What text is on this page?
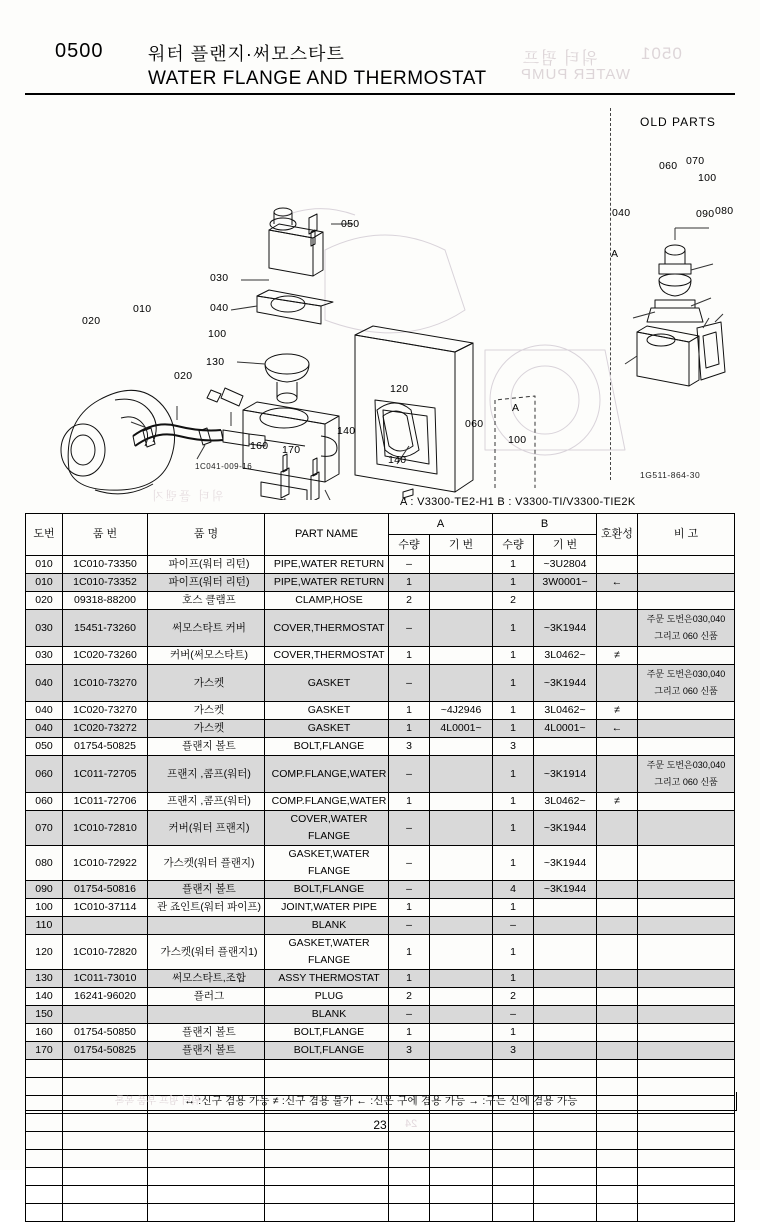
0501
워터 펌프
WATER PUMP
0500 워터 플랜지·써모스타트
WATER FLANGE AND THERMOSTAT
OLD PARTS
1C041-009-16
1G511-864-30
050
030
040
130
010
020
100
020
120
160 170
140
140
060
A
100
060 070
100
040	090
A
080
워터 플랜지	A : V3300-TE2-H1 B : V3300-TI/V3300-TIE2K
도번	품 번	품 명	PART NAME	A		B		호환성	비 고
				수량	기 번	수량	기 번		
010	1C010-73350	파이프(워터 리턴)	PIPE,WATER RETURN	–		1	~3U2804		
010	1C010-73352	파이프(워터 리턴)	PIPE,WATER RETURN	1		1	3W0001~	←	
020	09318-88200	호스 클램프	CLAMP,HOSE	2		2			
030	15451-73260	써모스타트 커버	COVER,THERMOSTAT	–		1	~3K1944		주문 도번은030,040
그리고 060 신품
030	1C020-73260	커버(써모스타트)	COVER,THERMOSTAT	1		1	3L0462~	≠	
040	1C010-73270	가스켓	GASKET	–		1	~3K1944		주문 도번은030,040
그리고 060 신품
040	1C020-73270	가스켓	GASKET	1	~4J2946	1	3L0462~	≠	
040	1C020-73272	가스켓	GASKET	1	4L0001~	1	4L0001~	←	
050	01754-50825	플랜지 볼트	BOLT,FLANGE	3		3			
060	1C011-72705	프랜지 ,콤프(워터)	COMP.FLANGE,WATER	–		1	~3K1914		주문 도번은030,040
그리고 060 신품
060	1C011-72706	프랜지 ,콤프(워터)	COMP.FLANGE,WATER	1		1	3L0462~	≠	
070	1C010-72810	커버(워터 프랜지)	COVER,WATER FLANGE	–		1	~3K1944		
080	1C010-72922	가스켓(워터 플랜지)	GASKET,WATER FLANGE	–		1	~3K1944		
090	01754-50816	플랜지 볼트	BOLT,FLANGE	–		4	~3K1944		
100	1C010-37114	관 죠인트(워터 파이프)	JOINT,WATER PIPE	1		1			
110			BLANK	–		–			
120	1C010-72820	가스켓(워터 플랜지1)	GASKET,WATER FLANGE	1		1			
130	1C011-73010	써모스타트,조합	ASSY THERMOSTAT	1		1			
140	16241-96020	플러그	PLUG	2		2			
150			BLANK	–		–			
160	01754-50850	플랜지 볼트	BOLT,FLANGE	1		1			
170	01754-50825	플랜지 볼트	BOLT,FLANGE	3		3			

워터 펌프 부품 목록
↔ :신구 겸용 가능 ≠ :신구 겸용 불가 ← :신은 구에 겸용 가능 → :구는 신에 겸용 가능
23	24
